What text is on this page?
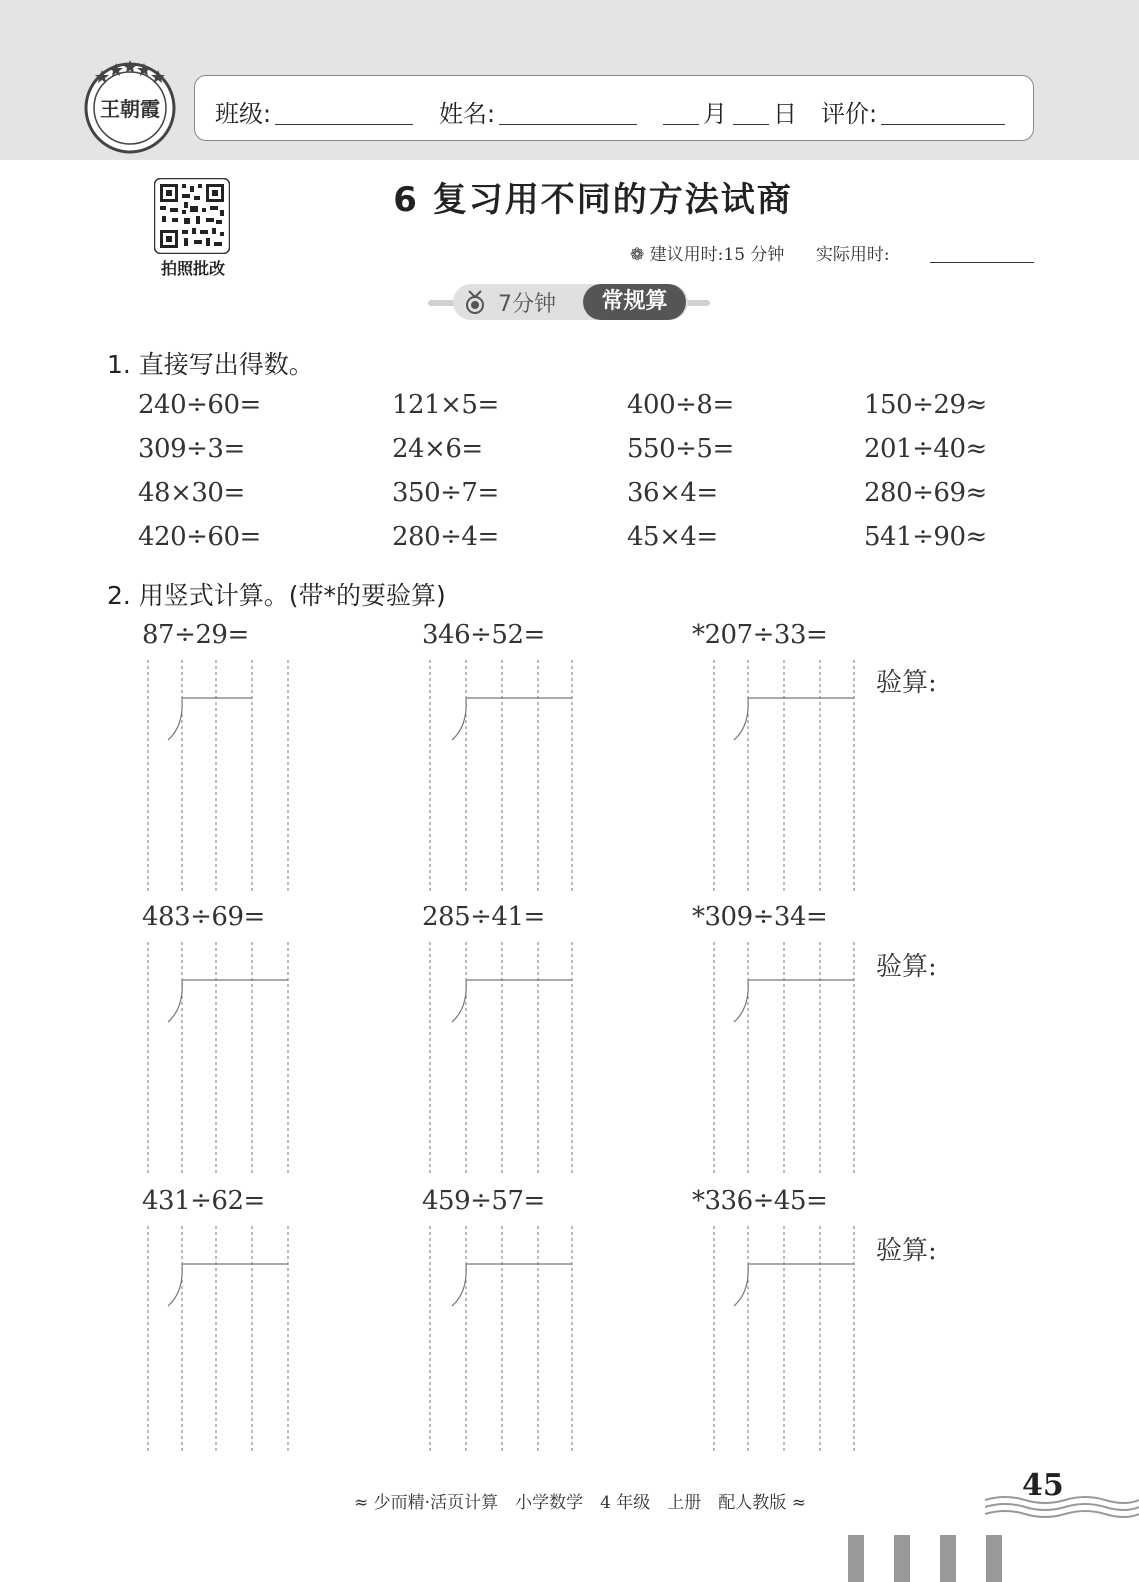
王朝霞 班级:	姓名:	月 日 评价:
拍照批改
6 复习用不同的方法试商
❁ 建议用时:15 分钟 实际用时:
7分钟	常规算
1. 直接写出得数。
240÷60=	121×5=	400÷8=	150÷29≈
309÷3=	24×6=	550÷5=	201÷40≈
48×30=	350÷7=	36×4=	280÷69≈
420÷60=	280÷4=	45×4=	541÷90≈
2. 用竖式计算。(带*的要验算)
87÷29=	346÷52=	*207÷33=
验算:
483÷69=	285÷41=	*309÷34=
验算:
431÷62=	459÷57=	*336÷45=
验算:
≈ 少而精·活页计算　小学数学　4 年级　上册　配人教版 ≈	45
